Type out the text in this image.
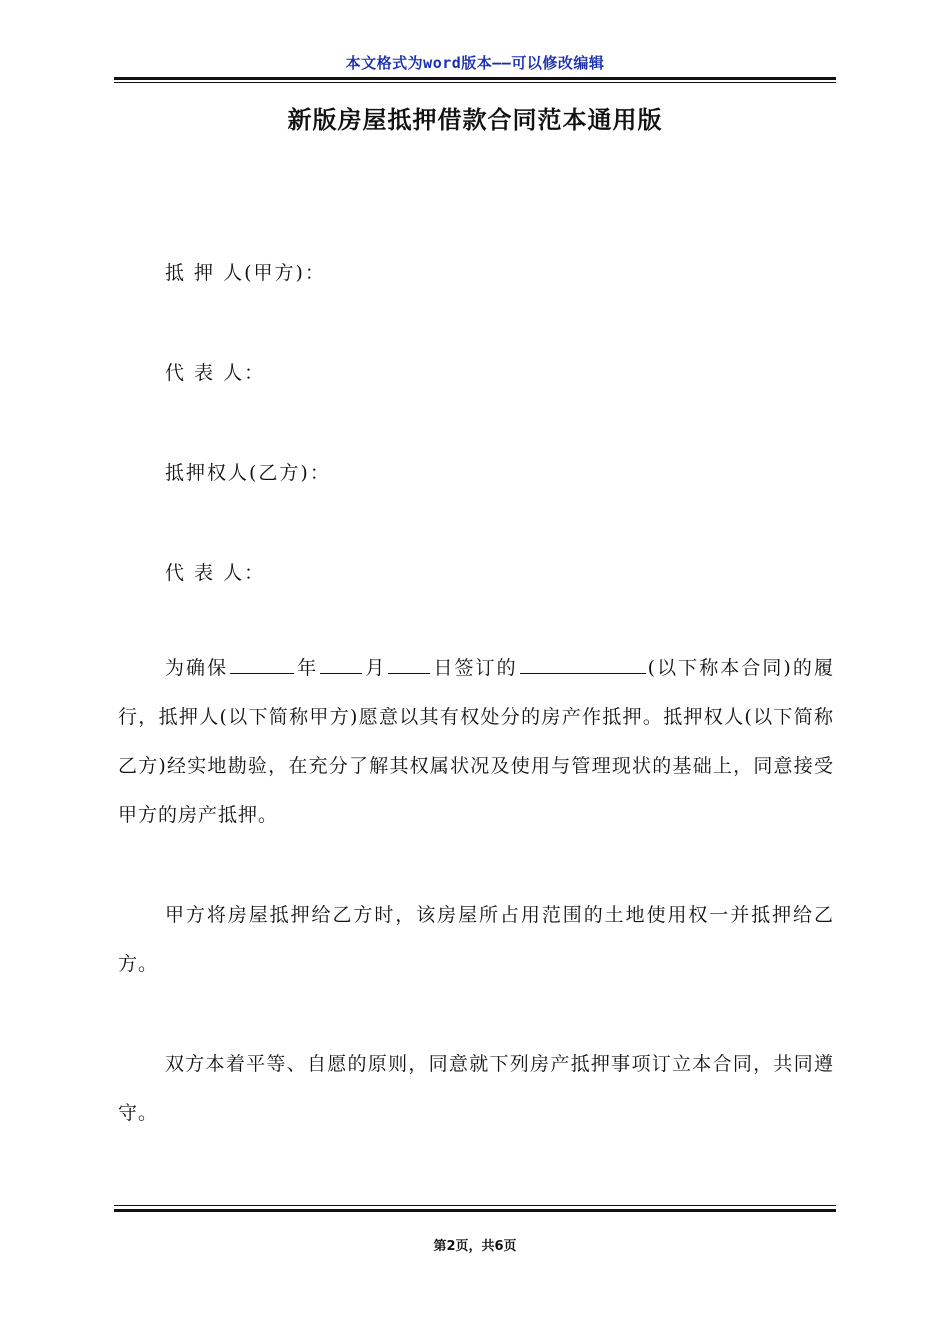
本文格式为word版本——可以修改编辑
新版房屋抵押借款合同范本通用版
抵 押 人(甲方)：
代 表 人：
抵押权人(乙方)：
代 表 人：

为确保	年 月 日签订的	(以下称本合同)的履行，抵押人(以下简称甲方)愿意以其有权处分的房产作抵押。抵押权人(以下简称乙方)经实地勘验，在充分了解其权属状况及使用与管理现状的基础上，同意接受甲方的房产抵押。

甲方将房屋抵押给乙方时，该房屋所占用范围的土地使用权一并抵押给乙方。

双方本着平等、自愿的原则，同意就下列房产抵押事项订立本合同，共同遵守。

第2页，共6页
